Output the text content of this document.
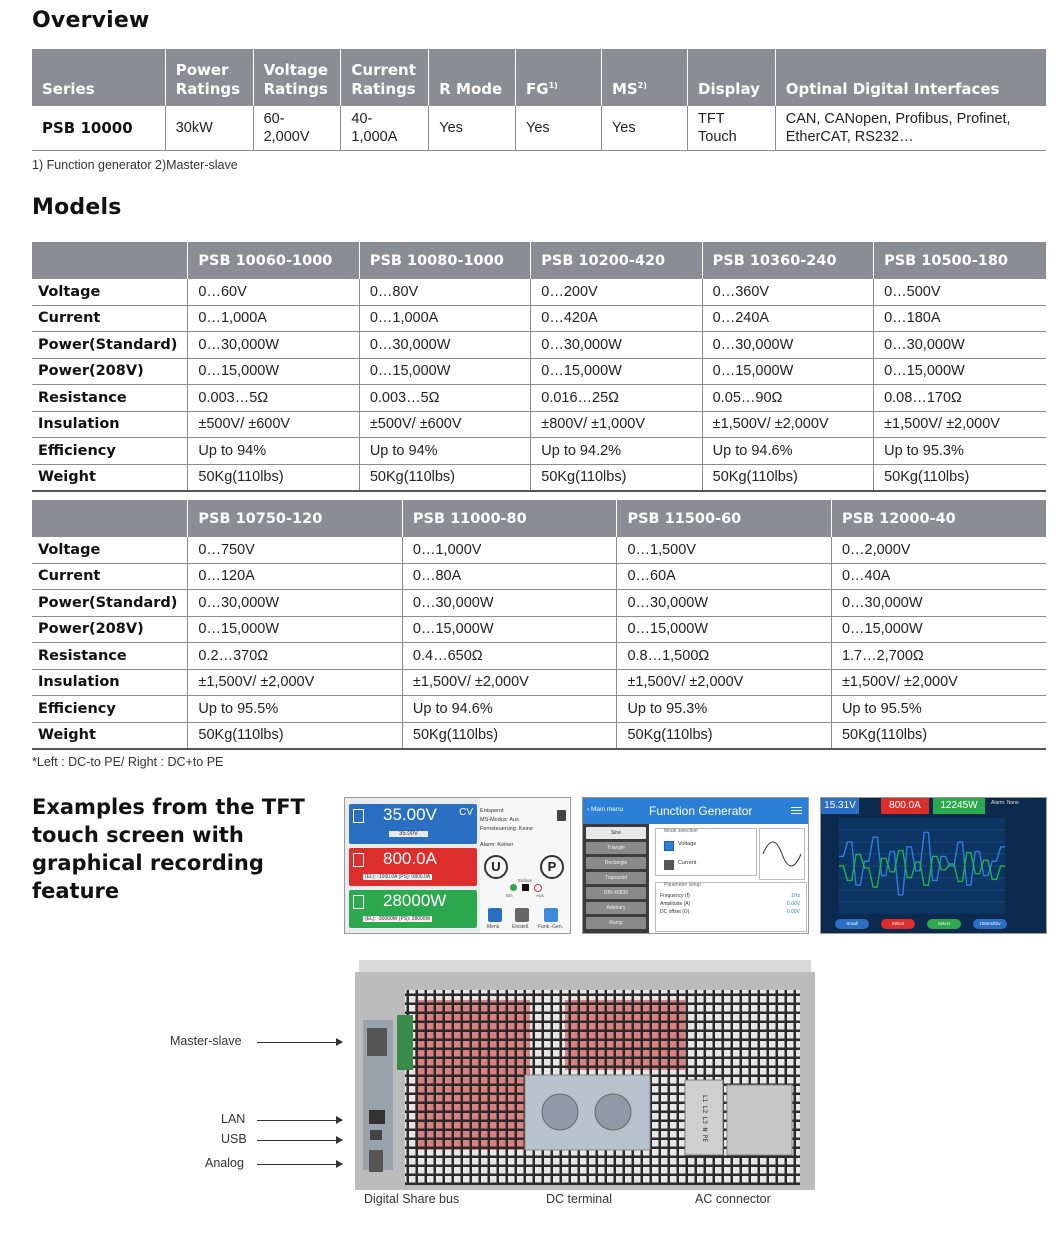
Overview
Series	Power Ratings	Voltage Ratings	Current Ratings	R Mode	FG$^{1)}$	MS$^{2)}$	Display	Optinal Digital Interfaces
PSB 10000	30kW	60-2,000V	40-1,000A	Yes	Yes	Yes	TFT Touch	CAN, CANopen, Profibus, Profinet, EtherCAT, RS232…
1) Function generator 2)Master-slave
Models
	PSB 10060-1000	PSB 10080-1000	PSB 10200-420	PSB 10360-240	PSB 10500-180
Voltage	0…60V	0…80V	0…200V	0…360V	0…500V
Current	0…1,000A	0…1,000A	0…420A	0…240A	0…180A
Power(Standard)	0…30,000W	0…30,000W	0…30,000W	0…30,000W	0…30,000W
Power(208V)	0…15,000W	0…15,000W	0…15,000W	0…15,000W	0…15,000W
Resistance	0.003…5Ω	0.003…5Ω	0.016…25Ω	0.05…90Ω	0.08…170Ω
Insulation	±500V/ ±600V	±500V/ ±600V	±800V/ ±1,000V	±1,500V/ ±2,000V	±1,500V/ ±2,000V
Efficiency	Up to 94%	Up to 94%	Up to 94.2%	Up to 94.6%	Up to 95.3%
Weight	50Kg(110lbs)	50Kg(110lbs)	50Kg(110lbs)	50Kg(110lbs)	50Kg(110lbs)
	PSB 10750-120	PSB 11000-80	PSB 11500-60	PSB 12000-40
Voltage	0…750V	0…1,000V	0…1,500V	0…2,000V
Current	0…120A	0…80A	0…60A	0…40A
Power(Standard)	0…30,000W	0…30,000W	0…30,000W	0…30,000W
Power(208V)	0…15,000W	0…15,000W	0…15,000W	0…15,000W
Resistance	0.2…370Ω	0.4…650Ω	0.8…1,500Ω	1.7…2,700Ω
Insulation	±1,500V/ ±2,000V	±1,500V/ ±2,000V	±1,500V/ ±2,000V	±1,500V/ ±2,000V
Efficiency	Up to 95.5%	Up to 94.6%	Up to 95.3%	Up to 95.5%
Weight	50Kg(110lbs)	50Kg(110lbs)	50Kg(110lbs)	50Kg(110lbs)
*Left : DC-to PE/ Right : DC+to PE
Examples from the TFT touch screen with graphical recording feature
35.00V CV
35.00V
800.0A
(EL): -1000.0A (PS): 0800.0A
28000W
(EL): -30000W (PS): 28000W
Entspernt
MS-Modus: Aus
Fernsteuerung: Keine
Alarm: Keiner
U	P
Ein	Aus
Einbus
Menü Einstell. Funk.-Gen.
‹ Main menu Function Generator
Sine
Triangle
Rectangle
Trapezoid
DIN 40839
Arbitrary
Ramp
Mode selection
Voltage
Current
Parameter setup
Frequency (f)	1Hz
Amplitude (A)	0.00V
DC offset (O)	0.00V
15.31V	800.0A	12245W	Alarm: None
Small	Select	Select	100ms/Div
L1 L2 L3 N PE
Master-slave
LAN
USB
Analog
Digital Share bus	DC terminal	AC connector
